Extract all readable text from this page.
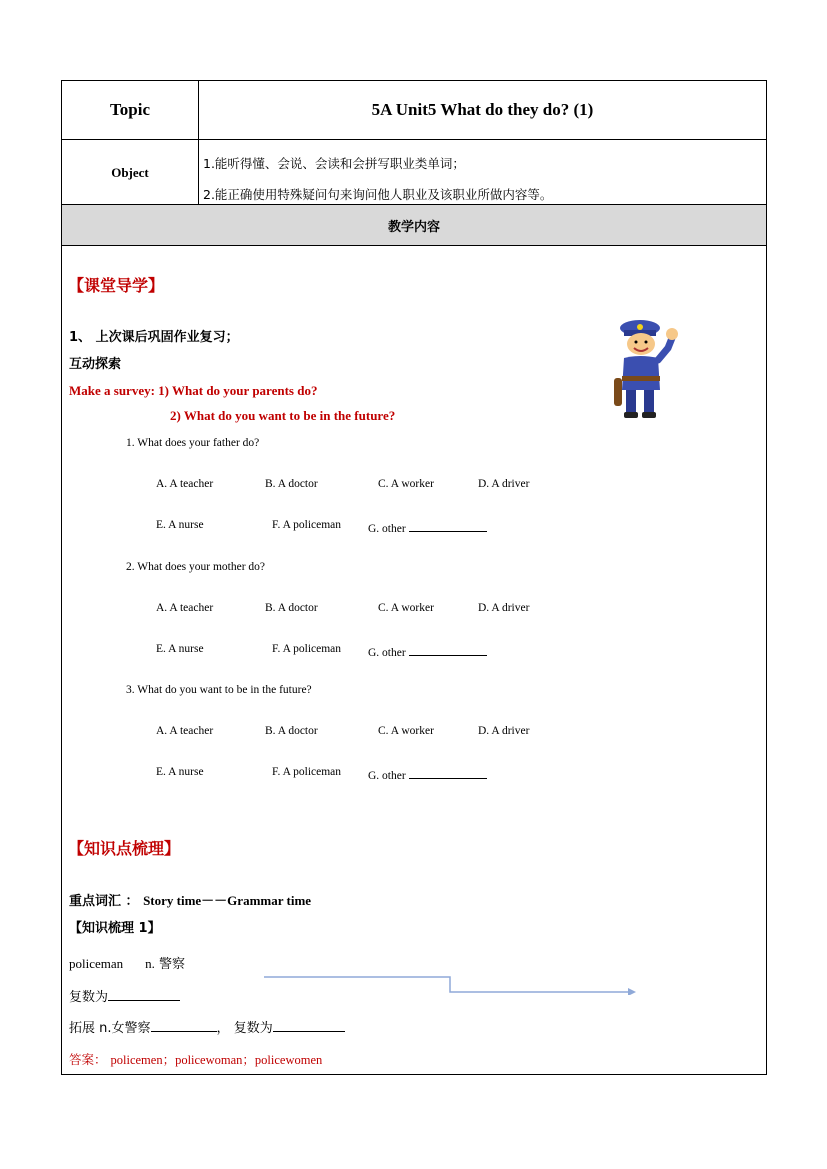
Topic	5A Unit5 What do they do? (1)
Object
1.能听得懂、会说、会读和会拼写职业类单词；
2.能正确使用特殊疑问句来询问他人职业及该职业所做内容等。
教学内容
【课堂导学】
1、 上次课后巩固作业复习；
互动探索
Make a survey: 1) What do your parents do?
2) What do you want to be in the future?
1. What does your father do?
A. A teacher	B. A doctor	C. A worker	D. A driver
E. A nurse	F. A policeman G. other
2. What does your mother do?
A. A teacher	B. A doctor	C. A worker	D. A driver
E. A nurse	F. A policeman G. other
3. What do you want to be in the future?
A. A teacher	B. A doctor	C. A worker	D. A driver
E. A nurse	F. A policeman G. other
【知识点梳理】
重点词汇 ： Story time－－Grammar time
【知识梳理 1】
policeman n. 警察
复数为
拓展 n.女警察	， 复数为
答案： policemen；policewoman；policewomen
